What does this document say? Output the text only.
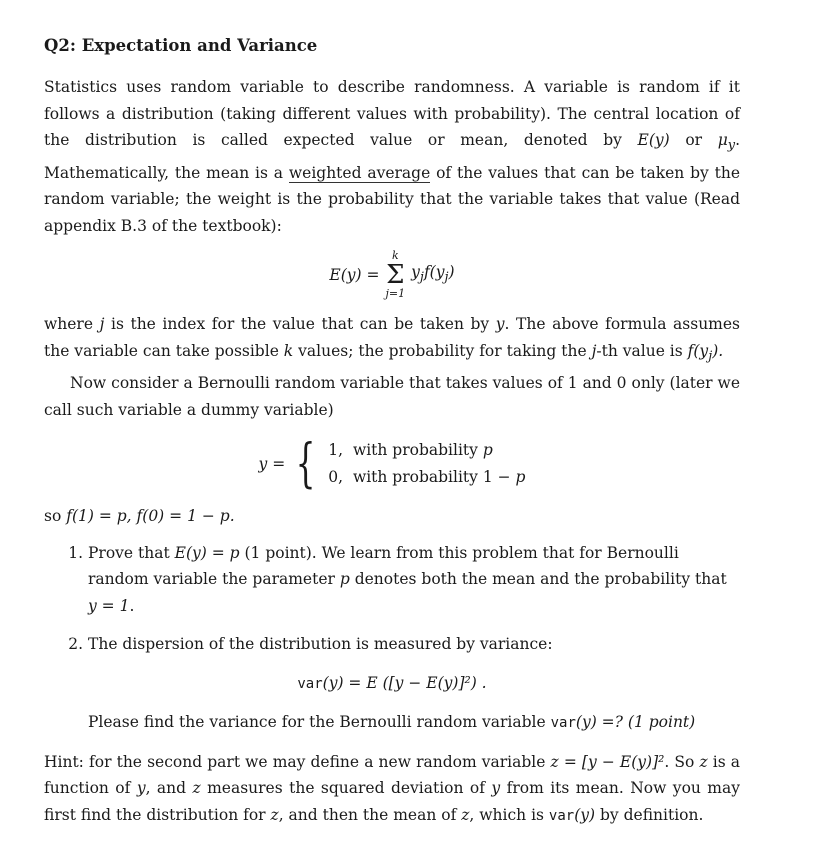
Q2: Expectation and Variance

Statistics uses random variable to describe randomness. A variable is random if it follows a distribution (taking different values with probability). The central location of the distribution is called expected value or mean, denoted by E(y) or $\mu_y$. Mathematically, the mean is a weighted average of the values that can be taken by the random variable; the weight is the probability that the variable takes that value (Read appendix B.3 of the textbook):

E(y) =
k
Σ
j=1
$y_jf(y_j)$

where j is the index for the value that can be taken by y. The above formula assumes the variable can take possible k values; the probability for taking the j-th value is $f(y_j)$.

Now consider a Bernoulli random variable that takes values of 1 and 0 only (later we call such variable a dummy variable)

y = { 1, with probability p
0, with probability 1 − p

so f(1) = p, f(0) = 1 − p.

1. Prove that E(y) = p (1 point). We learn from this problem that for Bernoulli random variable the parameter p denotes both the mean and the probability that y = 1.
2. The dispersion of the distribution is measured by variance:
var(y) = E ([y − E(y)]²) .
Please find the variance for the Bernoulli random variable var(y) =? (1 point)

Hint: for the second part we may define a new random variable z = [y − E(y)]². So z is a function of y, and z measures the squared deviation of y from its mean. Now you may first find the distribution for z, and then the mean of z, which is var(y) by definition.
